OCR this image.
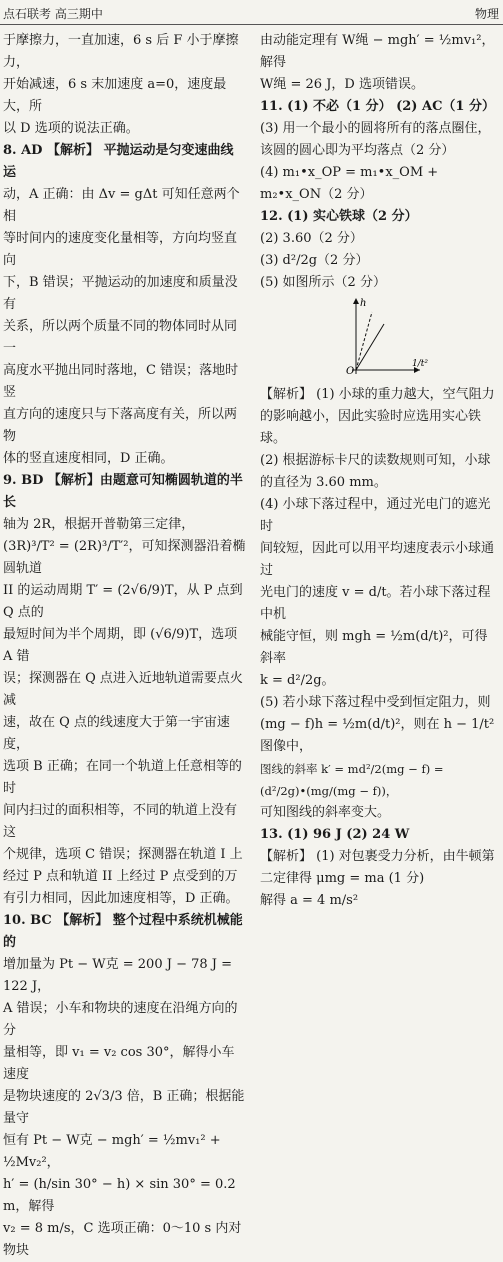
点石联考 高三期中	物理

于摩擦力，一直加速，6 s 后 F 小于摩擦力，

开始减速，6 s 末加速度 a=0，速度最大，所

以 D 选项的说法正确。

8. AD 【解析】 平抛运动是匀变速曲线运

动，A 正确：由 Δv = gΔt 可知任意两个相

等时间内的速度变化量相等，方向均竖直向

下，B 错误；平抛运动的加速度和质量没有

关系，所以两个质量不同的物体同时从同一

高度水平抛出同时落地，C 错误；落地时竖

直方向的速度只与下落高度有关，所以两物

体的竖直速度相同，D 正确。

9. BD 【解析】由题意可知椭圆轨道的半长

轴为 2R，根据开普勒第三定律，

(3R)³/T² = (2R)³/T′²，可知探测器沿着椭圆轨道

II 的运动周期 T′ = (2√6/9)T，从 P 点到 Q 点的

最短时间为半个周期，即 (√6/9)T，选项 A 错

误；探测器在 Q 点进入近地轨道需要点火减

速，故在 Q 点的线速度大于第一宇宙速度，

选项 B 正确；在同一个轨道上任意相等的时

间内扫过的面积相等，不同的轨道上没有这

个规律，选项 C 错误；探测器在轨道 I 上

经过 P 点和轨道 II 上经过 P 点受到的万

有引力相同，因此加速度相等，D 正确。

10. BC 【解析】 整个过程中系统机械能的

增加量为 Pt − W克 = 200 J − 78 J = 122 J，

A 错误；小车和物块的速度在沿绳方向的分

量相等，即 v₁ = v₂ cos 30°，解得小车速度

是物块速度的 2√3/3 倍，B 正确；根据能量守

恒有 Pt − W克 − mgh′ = ½mv₁² + ½Mv₂²，

h′ = (h/sin 30° − h) × sin 30° = 0.2 m，解得

v₂ = 8 m/s，C 选项正确：0～10 s 内对物块

由动能定理有 W绳 − mgh′ = ½mv₁²，解得

W绳 = 26 J，D 选项错误。

11. (1) 不必（1 分） (2) AC（1 分）

(3) 用一个最小的圆将所有的落点圈住，

该圆的圆心即为平均落点（2 分）

(4) m₁•x_OP = m₁•x_OM + m₂•x_ON（2 分）

12. (1) 实心铁球（2 分）

(2) 3.60（2 分）

(3) d²/2g（2 分）

(5) 如图所示（2 分）

h
O
1/t²

【解析】 (1) 小球的重力越大，空气阻力

的影响越小，因此实验时应选用实心铁球。

(2) 根据游标卡尺的读数规则可知，小球

的直径为 3.60 mm。

(4) 小球下落过程中，通过光电门的遮光时

间较短，因此可以用平均速度表示小球通过

光电门的速度 v = d/t。若小球下落过程中机

械能守恒，则 mgh = ½m(d/t)²，可得斜率

k = d²/2g。

(5) 若小球下落过程中受到恒定阻力，则

(mg − f)h = ½m(d/t)²，则在 h − 1/t² 图像中，

图线的斜率 k′ = md²/2(mg − f) = (d²/2g)•(mg/(mg − f))，

可知图线的斜率变大。

13. (1) 96 J (2) 24 W

【解析】 (1) 对包裹受力分析，由牛顿第

二定律得 μmg = ma (1 分)

解得 a = 4 m/s²
